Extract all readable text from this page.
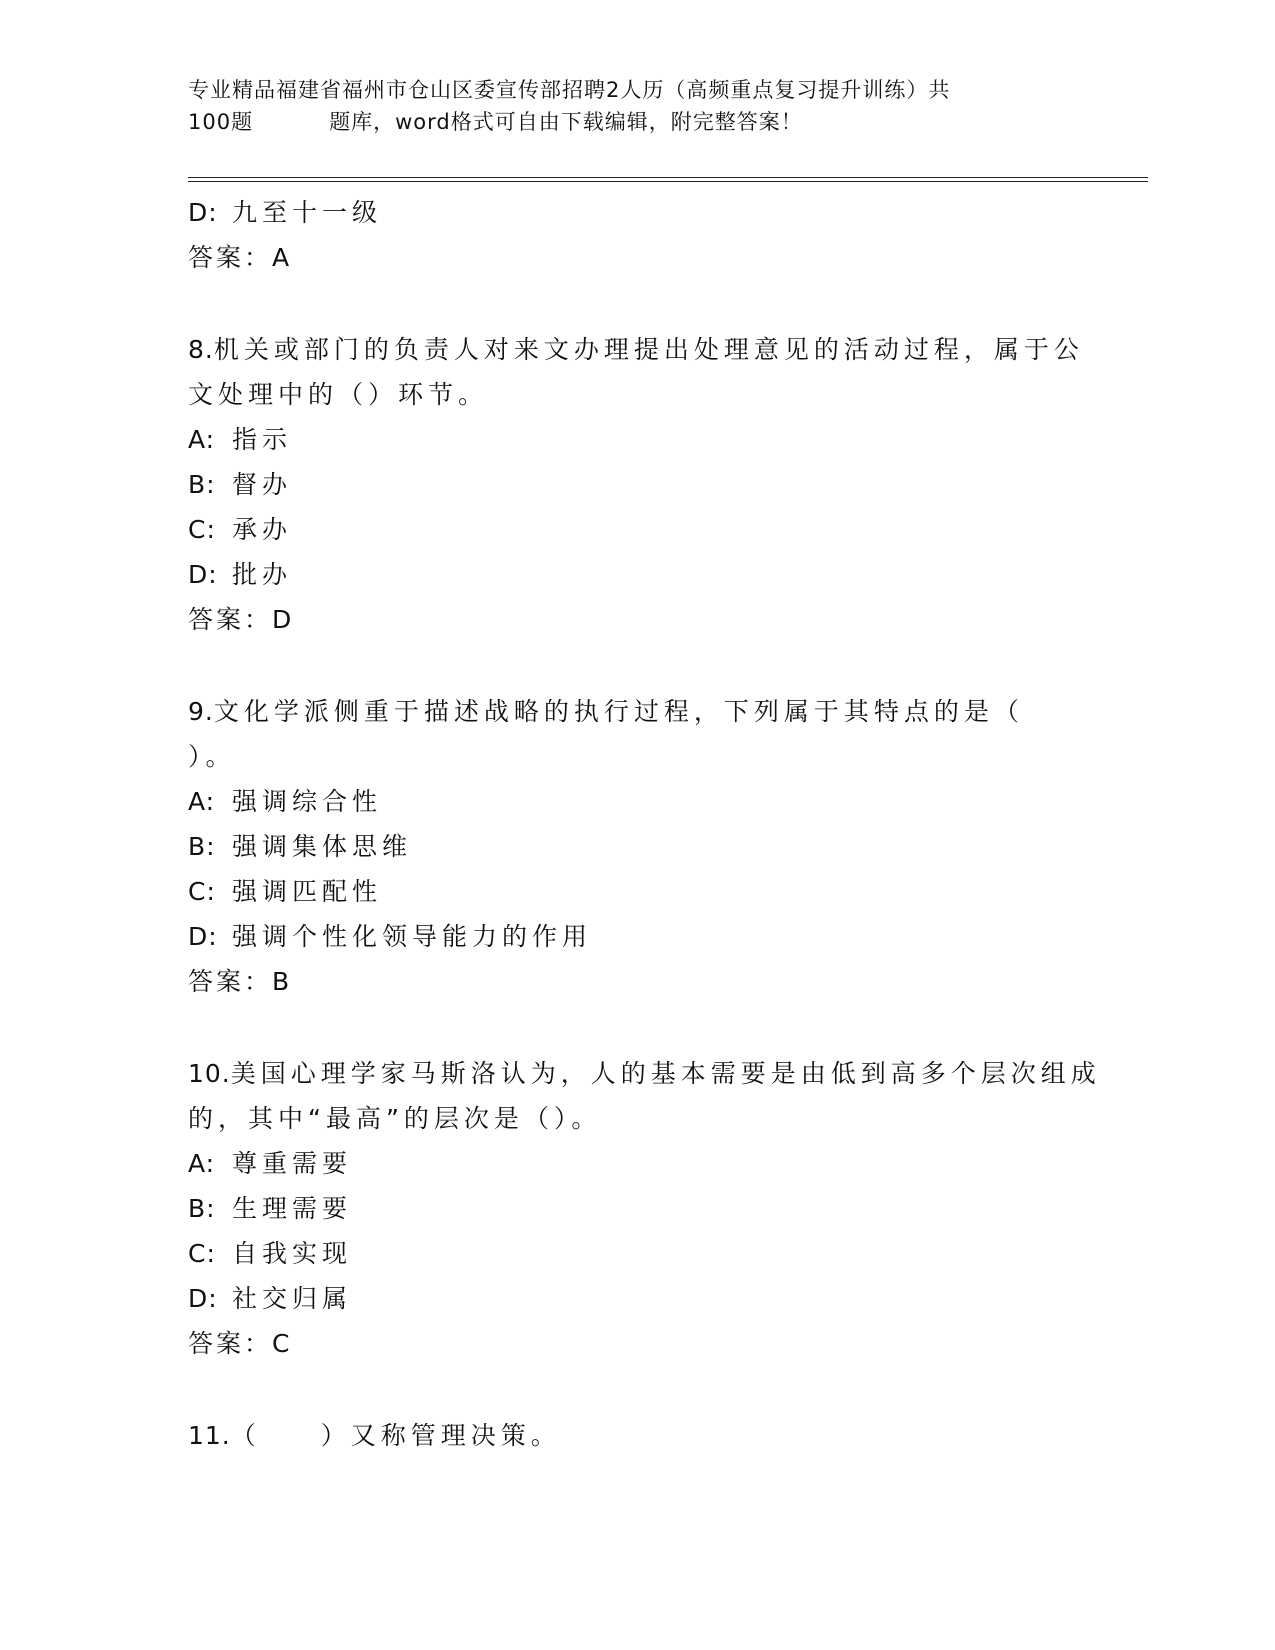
专业精品福建省福州市仓山区委宣传部招聘2人历（高频重点复习提升训练）共
100题	题库，word格式可自由下载编辑，附完整答案！
D: 九至十一级
答案：A
8.机关或部门的负责人对来文办理提出处理意见的活动过程，属于公
文处理中的（）环节。
A: 指示
B: 督办
C: 承办
D: 批办
答案：D
9.文化学派侧重于描述战略的执行过程，下列属于其特点的是（
）。
A: 强调综合性
B: 强调集体思维
C: 强调匹配性
D: 强调个性化领导能力的作用
答案：B
10.美国心理学家马斯洛认为，人的基本需要是由低到高多个层次组成
的，其中“最高”的层次是（）。
A: 尊重需要
B: 生理需要
C: 自我实现
D: 社交归属
答案：C
11.（　　）又称管理决策。
